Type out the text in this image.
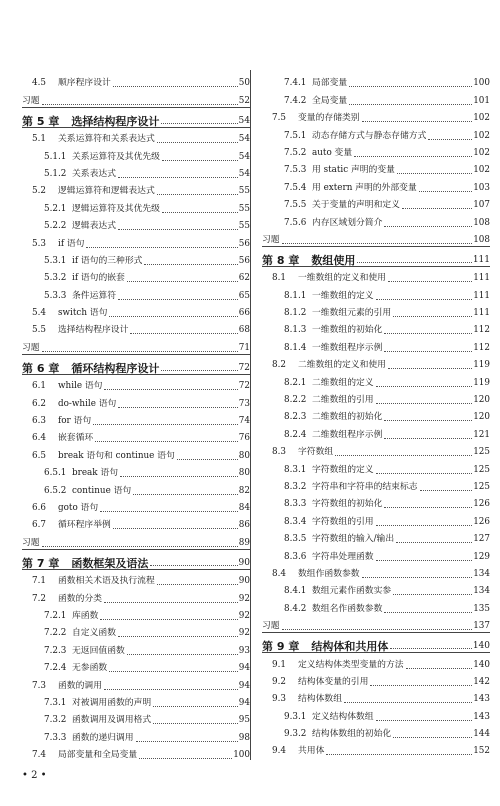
4.5	顺序程序设计	50
习题	52
第 5 章 选择结构程序设计	54
5.1	关系运算符和关系表达式	54
5.1.1 关系运算符及其优先级	54
5.1.2 关系表达式	54
5.2	逻辑运算符和逻辑表达式	55
5.2.1 逻辑运算符及其优先级	55
5.2.2 逻辑表达式	55
5.3	if 语句	56
5.3.1 if 语句的三种形式	56
5.3.2 if 语句的嵌套	62
5.3.3 条件运算符	65
5.4	switch 语句	66
5.5	选择结构程序设计	68
习题	71
第 6 章 循环结构程序设计	72
6.1	while 语句	72
6.2	do-while 语句	73
6.3	for 语句	74
6.4	嵌套循环	76
6.5	break 语句和 continue 语句	80
6.5.1 break 语句	80
6.5.2 continue 语句	82
6.6	goto 语句	84
6.7	循环程序举例	86
习题	89
第 7 章 函数框架及语法	90
7.1	函数相关术语及执行流程	90
7.2	函数的分类	92
7.2.1 库函数	92
7.2.2 自定义函数	92
7.2.3 无返回值函数	93
7.2.4 无参函数	94
7.3	函数的调用	94
7.3.1 对被调用函数的声明	94
7.3.2 函数调用及调用格式	95
7.3.3 函数的递归调用	98
7.4	局部变量和全局变量	100
7.4.1 局部变量	100
7.4.2 全局变量	101
7.5	变量的存储类别	102
7.5.1 动态存储方式与静态存储方式	102
7.5.2 auto 变量	102
7.5.3 用 static 声明的变量	102
7.5.4 用 extern 声明的外部变量	103
7.5.5 关于变量的声明和定义	107
7.5.6 内存区域划分简介	108
习题	108
第 8 章 数组使用	111
8.1	一维数组的定义和使用	111
8.1.1 一维数组的定义	111
8.1.2 一维数组元素的引用	111
8.1.3 一维数组的初始化	112
8.1.4 一维数组程序示例	112
8.2	二维数组的定义和使用	119
8.2.1 二维数组的定义	119
8.2.2 二维数组的引用	120
8.2.3 二维数组的初始化	120
8.2.4 二维数组程序示例	121
8.3	字符数组	125
8.3.1 字符数组的定义	125
8.3.2 字符串和字符串的结束标志	125
8.3.3 字符数组的初始化	126
8.3.4 字符数组的引用	126
8.3.5 字符数组的输入/输出	127
8.3.6 字符串处理函数	129
8.4	数组作函数参数	134
8.4.1 数组元素作函数实参	134
8.4.2 数组名作函数参数	135
习题	137
第 9 章 结构体和共用体	140
9.1	定义结构体类型变量的方法	140
9.2	结构体变量的引用	142
9.3	结构体数组	143
9.3.1 定义结构体数组	143
9.3.2 结构体数组的初始化	144
9.4	共用体	152
• 2 •
